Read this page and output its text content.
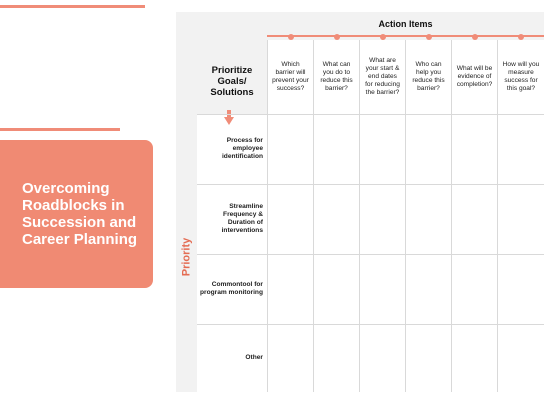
Overcoming Roadblocks in Succession and Career Planning	Priority
Prioritize Goals/ Solutions
Action Items
Which barrier will prevent your success?
What can you do to reduce this barrier?
What are your start & end dates for reducing the barrier?
Who can help you reduce this barrier?
What will be evidence of completion?
How will you measure success for this goal?
Process for employee identification
Streamline Frequency & Duration of interventions
Commontool for program monitoring
Other
